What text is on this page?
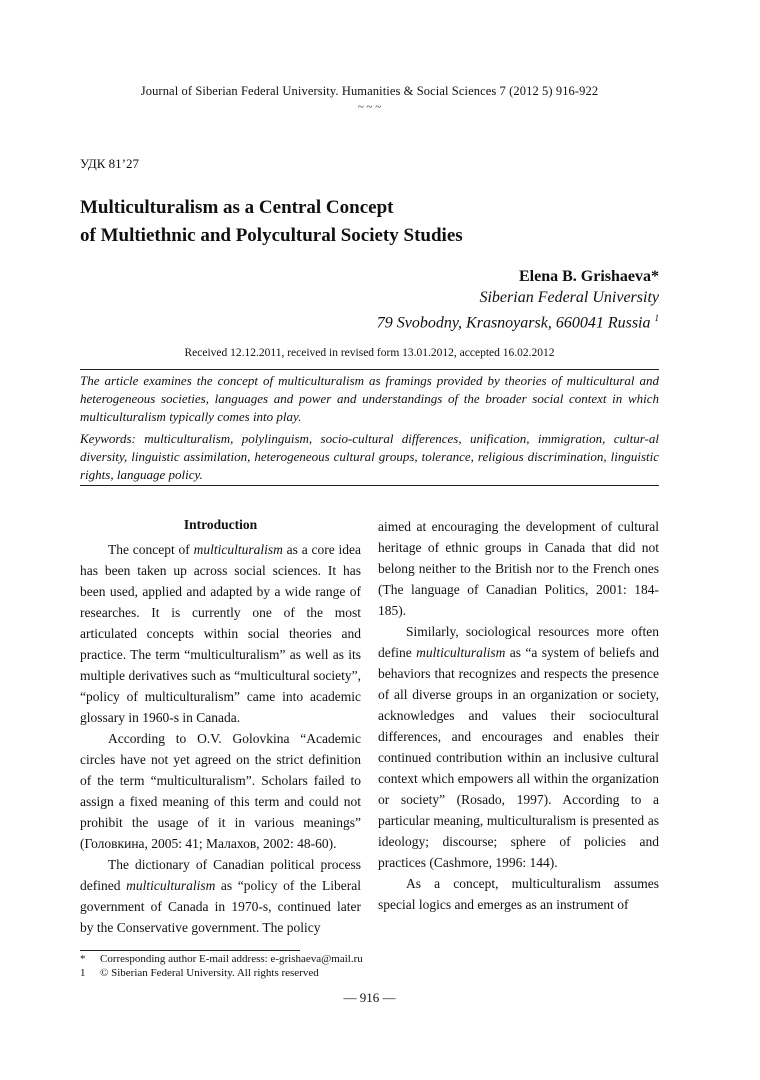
Journal of Siberian Federal University. Humanities & Social Sciences 7 (2012 5) 916-922
~ ~ ~
УДК 81’27
Multiculturalism as a Central Concept
of Multiethnic and Polycultural Society Studies
Elena B. Grishaeva*
Siberian Federal University
79 Svobodny, Krasnoyarsk, 660041 Russia $^1$
Received 12.12.2011, received in revised form 13.01.2012, accepted 16.02.2012
The article examines the concept of multiculturalism as framings provided by theories of multicultural and heterogeneous societies, languages and power and understandings of the broader social context in which multiculturalism typically comes into play.
Keywords: multiculturalism, polylinguism, socio-cultural differences, unification, immigration, cultur-al diversity, linguistic assimilation, heterogeneous cultural groups, tolerance, religious discrimination, linguistic rights, language policy.
Introduction

The concept of multiculturalism as a core idea has been taken up across social sciences. It has been used, applied and adapted by a wide range of researches. It is currently one of the most articulated concepts within social theories and practice. The term “multiculturalism” as well as its multiple derivatives such as “multicultural society”, “policy of multiculturalism” came into academic glossary in 1960-s in Canada.

According to O.V. Golovkina “Academic circles have not yet agreed on the strict definition of the term “multiculturalism”. Scholars failed to assign a fixed meaning of this term and could not prohibit the usage of it in various meanings” (Головкина, 2005: 41; Малахов, 2002: 48-60).

The dictionary of Canadian political process defined multiculturalism as “policy of the Liberal government of Canada in 1970-s, continued later by the Conservative government. The policy

aimed at encouraging the development of cultural heritage of ethnic groups in Canada that did not belong neither to the British nor to the French ones (The language of Canadian Politics, 2001: 184-185).

Similarly, sociological resources more often define multiculturalism as “a system of beliefs and behaviors that recognizes and respects the presence of all diverse groups in an organization or society, acknowledges and values their sociocultural differences, and encourages and enables their continued contribution within an inclusive cultural context which empowers all within the organization or society” (Rosado, 1997). According to a particular meaning, multiculturalism is presented as ideology; discourse; sphere of policies and practices (Cashmore, 1996: 144).

As a concept, multiculturalism assumes special logics and emerges as an instrument of

*	Corresponding author E-mail address: e-grishaeva@mail.ru
1	© Siberian Federal University. All rights reserved
— 916 —
